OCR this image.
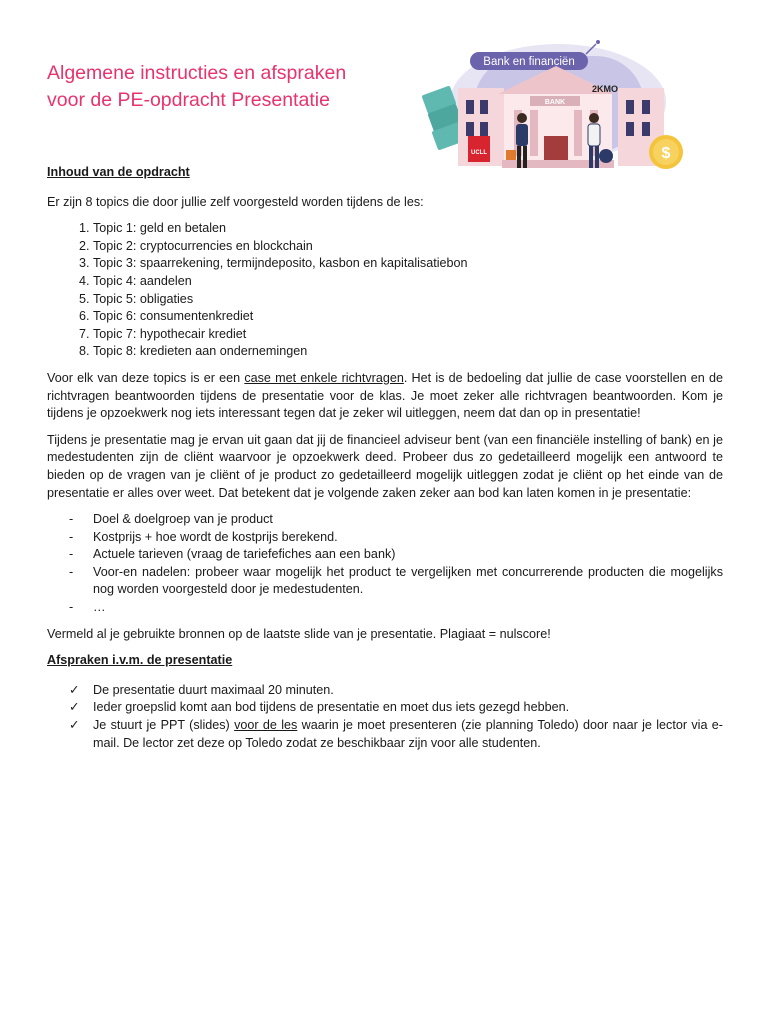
Algemene instructies en afspraken
voor de PE-opdracht Presentatie
Bank en financiën
BANK
2KMO
UCLL	$
Inhoud van de opdracht

Er zijn 8 topics die door jullie zelf voorgesteld worden tijdens de les:

1. Topic 1: geld en betalen
2. Topic 2: cryptocurrencies en blockchain
3. Topic 3: spaarrekening, termijndeposito, kasbon en kapitalisatiebon
4. Topic 4: aandelen
5. Topic 5: obligaties
6. Topic 6: consumentenkrediet
7. Topic 7: hypothecair krediet
8. Topic 8: kredieten aan ondernemingen

Voor elk van deze topics is er een case met enkele richtvragen. Het is de bedoeling dat jullie de case voorstellen en de richtvragen beantwoorden tijdens de presentatie voor de klas. Je moet zeker alle richtvragen beantwoorden. Kom je tijdens je opzoekwerk nog iets interessant tegen dat je zeker wil uitleggen, neem dat dan op in presentatie!

Tijdens je presentatie mag je ervan uit gaan dat jij de financieel adviseur bent (van een financiële instelling of bank) en je medestudenten zijn de cliënt waarvoor je opzoekwerk deed. Probeer dus zo gedetailleerd mogelijk een antwoord te bieden op de vragen van je cliënt of je product zo gedetailleerd mogelijk uitleggen zodat je cliënt op het einde van de presentatie er alles over weet. Dat betekent dat je volgende zaken zeker aan bod kan laten komen in je presentatie:

- Doel & doelgroep van je product
- Kostprijs + hoe wordt de kostprijs berekend.
- Actuele tarieven (vraag de tariefefiches aan een bank)
- Voor-en nadelen: probeer waar mogelijk het product te vergelijken met concurrerende producten die mogelijks nog worden voorgesteld door je medestudenten.
- …

Vermeld al je gebruikte bronnen op de laatste slide van je presentatie. Plagiaat = nulscore!

Afspraken i.v.m. de presentatie
✓ De presentatie duurt maximaal 20 minuten.
✓ Ieder groepslid komt aan bod tijdens de presentatie en moet dus iets gezegd hebben.
✓ Je stuurt je PPT (slides) voor de les waarin je moet presenteren (zie planning Toledo) door naar je lector via e-mail. De lector zet deze op Toledo zodat ze beschikbaar zijn voor alle studenten.
